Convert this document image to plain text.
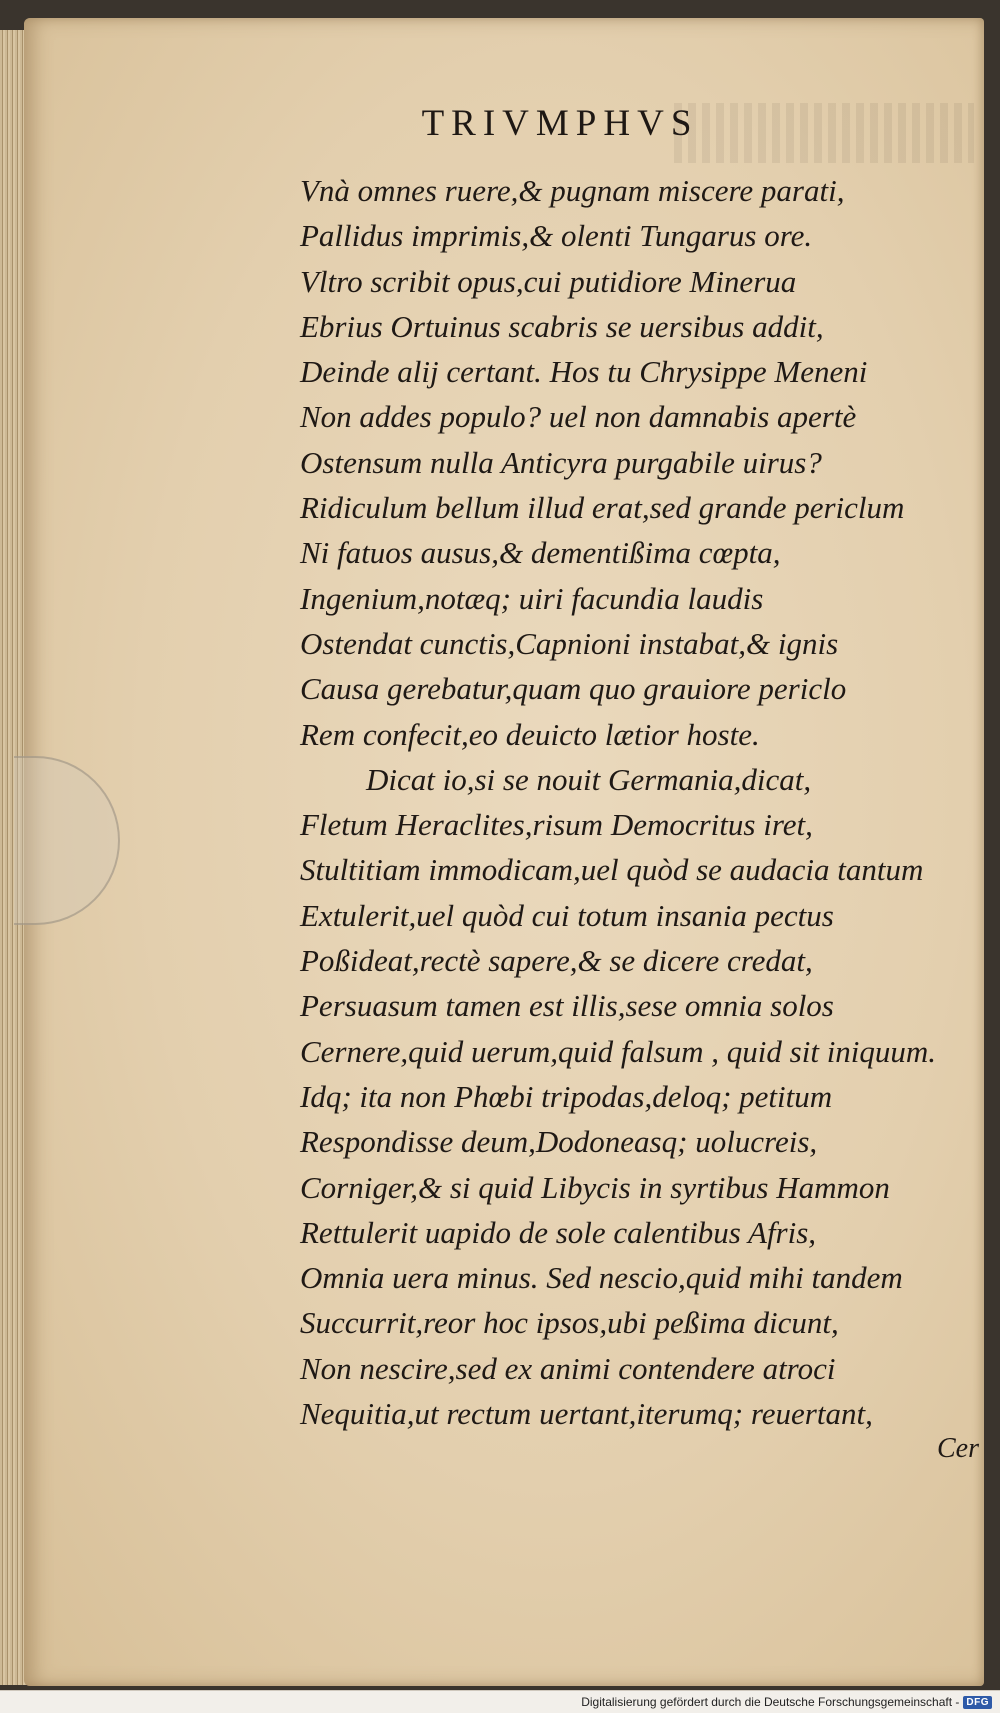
TRIVMPHVS
Vnà omnes ruere,& pugnam miscere parati,
Pallidus imprimis,& olenti Tungarus ore.
Vltro scribit opus,cui putidiore Minerua
Ebrius Ortuinus scabris se uersibus addit,
Deinde alij certant. Hos tu Chrysippe Meneni
Non addes populo? uel non damnabis apertè
Ostensum nulla Anticyra purgabile uirus?
Ridiculum bellum illud erat,sed grande periclum
Ni fatuos ausus,& dementißima cœpta,
Ingenium,notæq; uiri facundia laudis
Ostendat cunctis,Capnioni instabat,& ignis
Causa gerebatur,quam quo grauiore periclo
Rem confecit,eo deuicto lætior hoste.
Dicat io,si se nouit Germania,dicat,
Fletum Heraclites,risum Democritus iret,
Stultitiam immodicam,uel quòd se audacia tantum
Extulerit,uel quòd cui totum insania pectus
Poßideat,rectè sapere,& se dicere credat,
Persuasum tamen est illis,sese omnia solos
Cernere,quid uerum,quid falsum , quid sit iniquum.
Idq; ita non Phœbi tripodas,deloq; petitum
Respondisse deum,Dodoneasq; uolucreis,
Corniger,& si quid Libycis in syrtibus Hammon
Rettulerit uapido de sole calentibus Afris,
Omnia uera minus. Sed nescio,quid mihi tandem
Succurrit,reor hoc ipsos,ubi peßima dicunt,
Non nescire,sed ex animi contendere atroci
Nequitia,ut rectum uertant,iterumq; reuertant,
Cer
Digitalisierung gefördert durch die Deutsche Forschungsgemeinschaft - DFG
